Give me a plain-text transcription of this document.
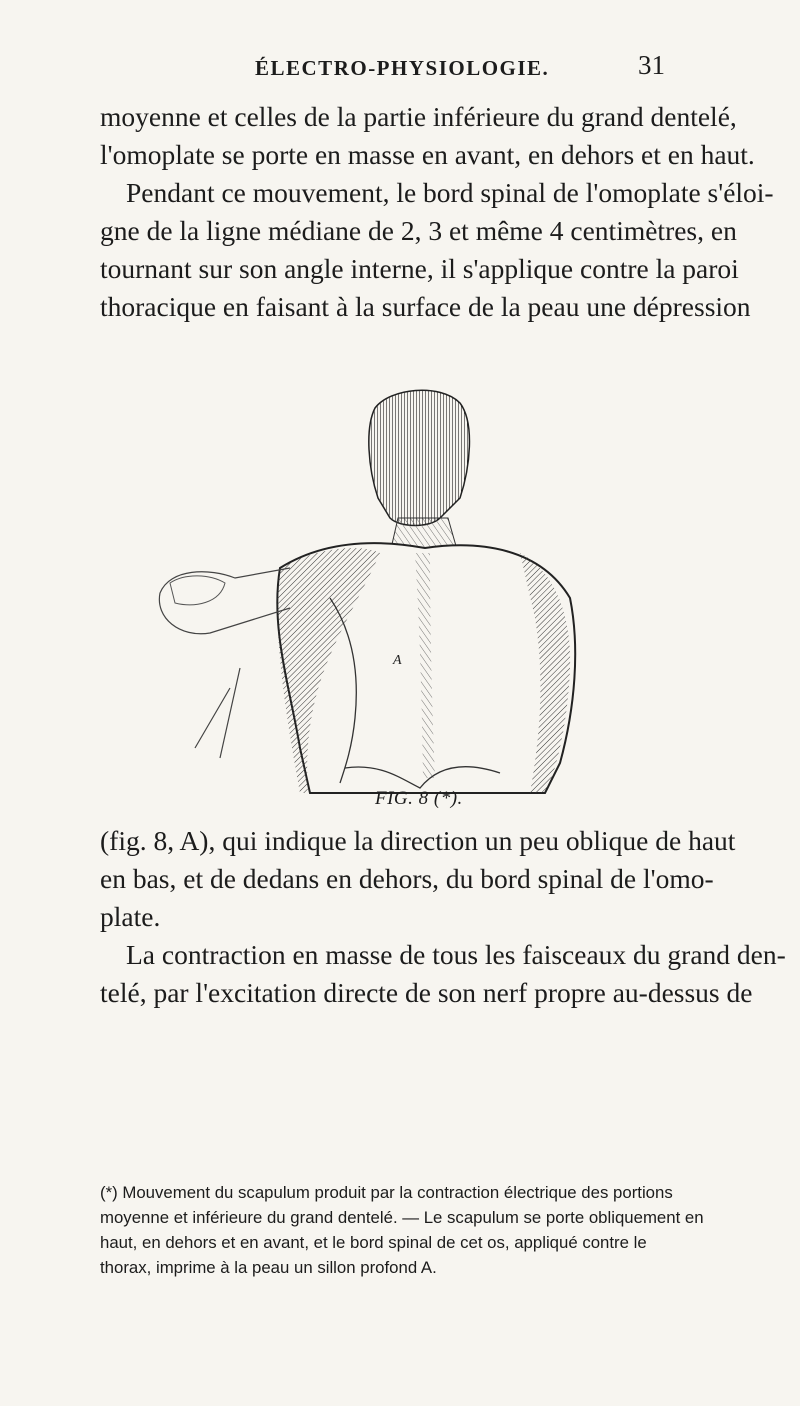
ÉLECTRO-PHYSIOLOGIE.	31
moyenne et celles de la partie inférieure du grand dentelé,
l'omoplate se porte en masse en avant, en dehors et en haut.
Pendant ce mouvement, le bord spinal de l'omoplate s'éloi-
gne de la ligne médiane de 2, 3 et même 4 centimètres, en
tournant sur son angle interne, il s'applique contre la paroi
thoracique en faisant à la surface de la peau une dépression
A
FIG. 8 (*).
(fig. 8, A), qui indique la direction un peu oblique de haut
en bas, et de dedans en dehors, du bord spinal de l'omo-
plate.
La contraction en masse de tous les faisceaux du grand den-
telé, par l'excitation directe de son nerf propre au-dessus de
(*) Mouvement du scapulum produit par la contraction électrique des portions
moyenne et inférieure du grand dentelé. — Le scapulum se porte obliquement en
haut, en dehors et en avant, et le bord spinal de cet os, appliqué contre le
thorax, imprime à la peau un sillon profond A.
